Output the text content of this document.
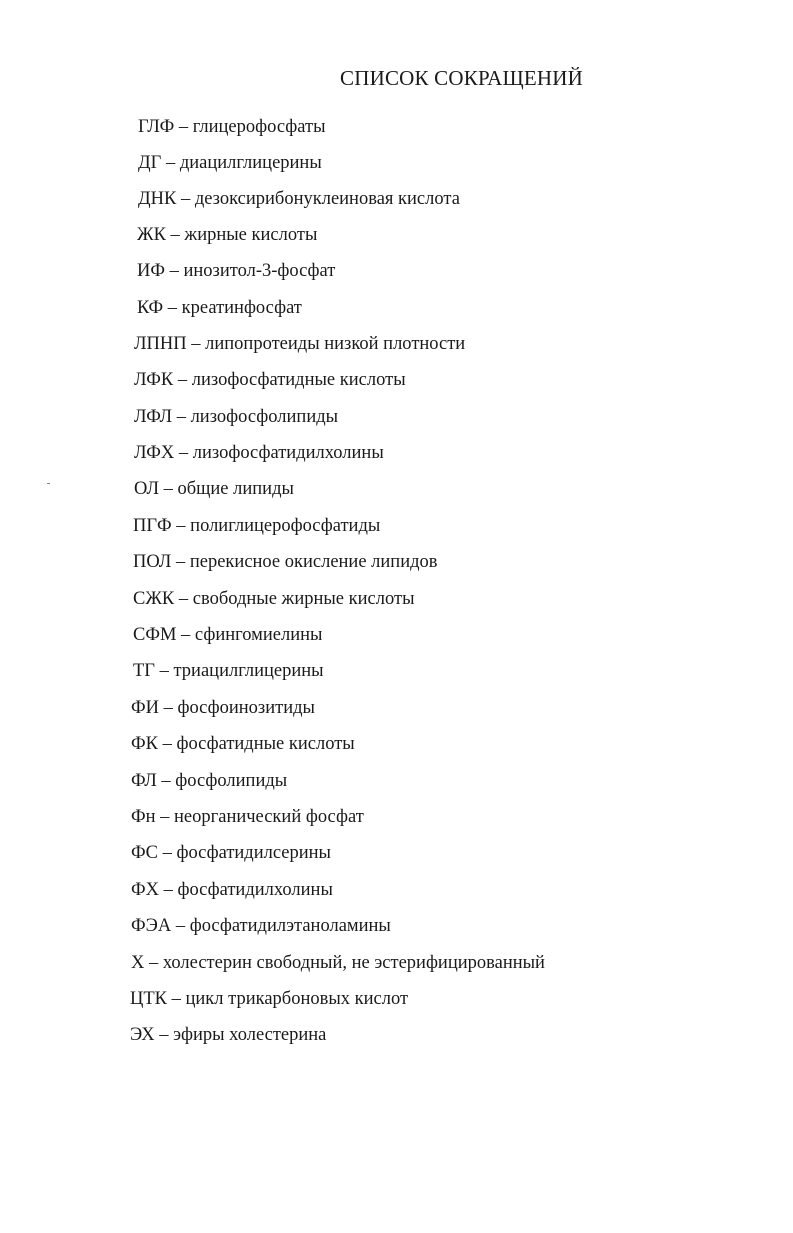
СПИСОК СОКРАЩЕНИЙ
ГЛФ – глицерофосфаты
ДГ – диацилглицерины
ДНК – дезоксирибонуклеиновая кислота
ЖК – жирные кислоты
ИФ – инозитол-3-фосфат
КФ – креатинфосфат
ЛПНП – липопротеиды низкой плотности
ЛФК – лизофосфатидные кислоты
ЛФЛ – лизофосфолипиды
ЛФХ – лизофосфатидилхолины
ОЛ – общие липиды
ПГФ – полиглицерофосфатиды
ПОЛ – перекисное окисление липидов
СЖК – свободные жирные кислоты
СФМ – сфингомиелины
ТГ – триацилглицерины
ФИ – фосфоинозитиды
ФК – фосфатидные кислоты
ФЛ – фосфолипиды
Фн – неорганический фосфат
ФС – фосфатидилсерины
ФХ – фосфатидилхолины
ФЭА – фосфатидилэтаноламины
Х – холестерин свободный, не эстерифицированный
ЦТК – цикл трикарбоновых кислот
ЭХ – эфиры холестерина
